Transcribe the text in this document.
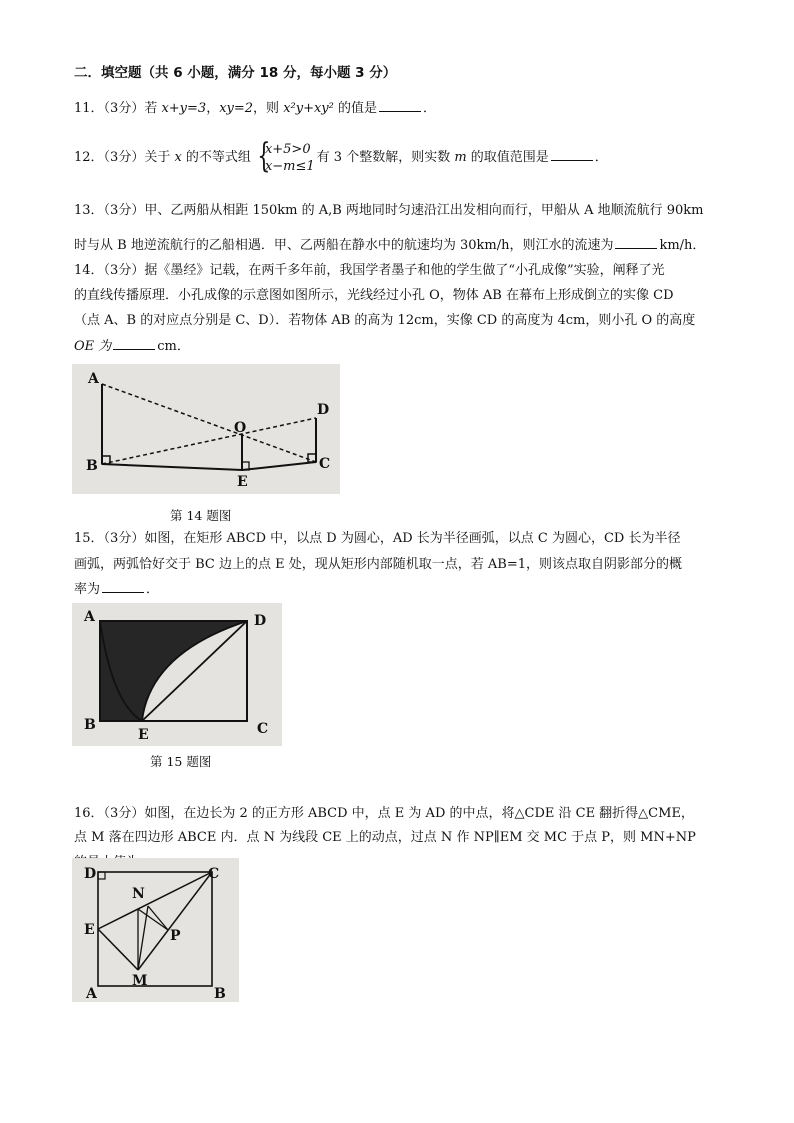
二．填空题（共 6 小题，满分 18 分，每小题 3 分）
11．（3分）若 x+y=3，xy=2，则 x²y+xy² 的值是	．
12．（3分）关于 x 的不等式组 {
x+5>0
x−m≤1
有 3 个整数解，则实数 m 的取值范围是	．
13．（3分）甲、乙两船从相距 150km 的 A,B 两地同时匀速沿江出发相向而行，甲船从 A 地顺流航行 90km
时与从 B 地逆流航行的乙船相遇．甲、乙两船在静水中的航速均为 30km/h，则江水的流速为	km/h．
14．（3分）据《墨经》记载，在两千多年前，我国学者墨子和他的学生做了“小孔成像”实验，阐释了光
的直线传播原理．小孔成像的示意图如图所示，光线经过小孔 O，物体 AB 在幕布上形成倒立的实像 CD
（点 A、B 的对应点分别是 C、D）．若物体 AB 的高为 12cm，实像 CD 的高度为 4cm，则小孔 O 的高度
OE 为	cm．
A
B	C
D
O
E
第 14 题图
15．（3分）如图，在矩形 ABCD 中，以点 D 为圆心，AD 长为半径画弧，以点 C 为圆心，CD 长为半径
画弧，两弧恰好交于 BC 边上的点 E 处，现从矩形内部随机取一点，若 AB=1，则该点取自阴影部分的概
率为	．
A
B	C
D
E
第 15 题图
16．（3分）如图，在边长为 2 的正方形 ABCD 中，点 E 为 AD 的中点，将△CDE 沿 CE 翻折得△CME，
点 M 落在四边形 ABCE 内．点 N 为线段 CE 上的动点，过点 N 作 NP∥EM 交 MC 于点 P，则 MN+NP
D
E
A	B
C
M
N
P
